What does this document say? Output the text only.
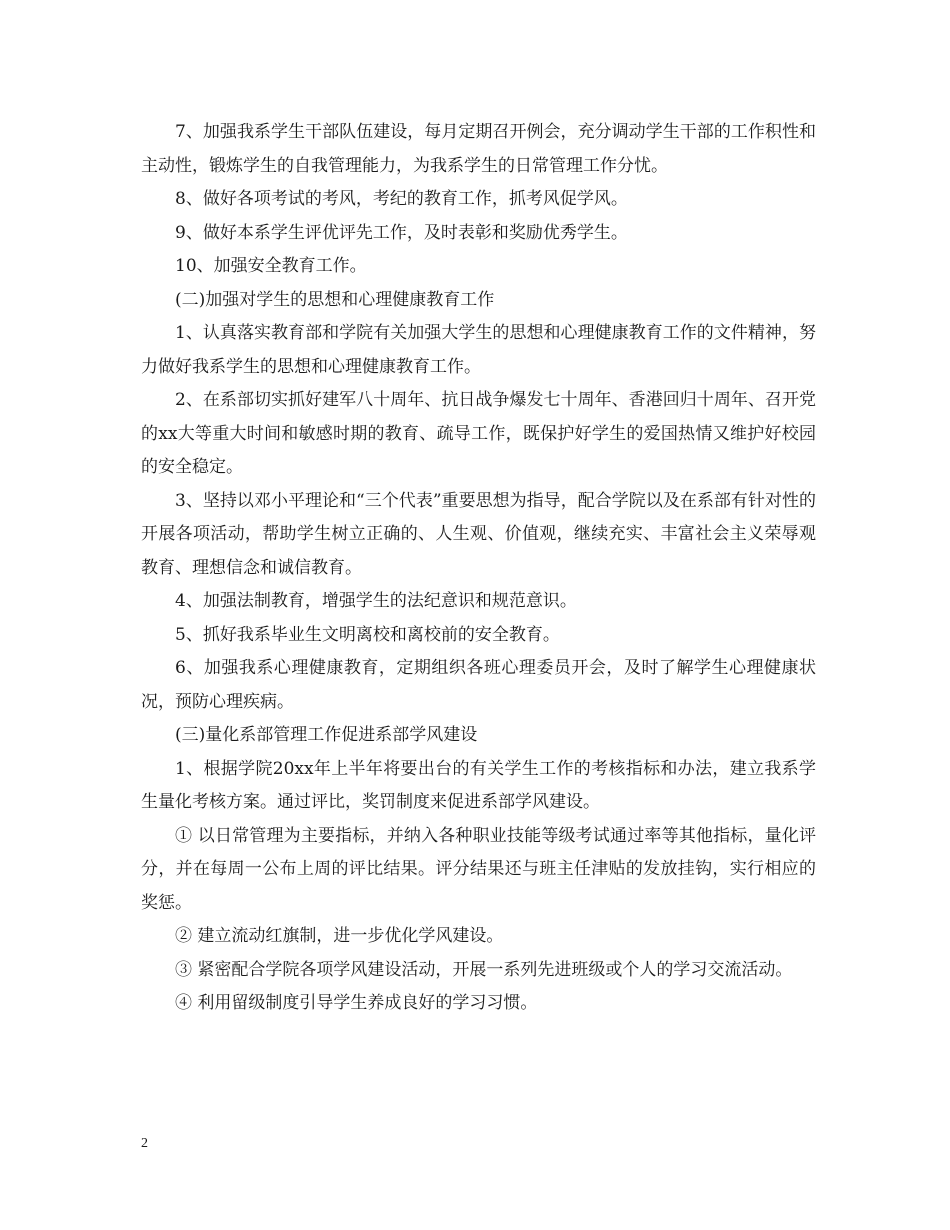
7、加强我系学生干部队伍建设，每月定期召开例会，充分调动学生干部的工作积性和主动性，锻炼学生的自我管理能力，为我系学生的日常管理工作分忧。

8、做好各项考试的考风，考纪的教育工作，抓考风促学风。

9、做好本系学生评优评先工作，及时表彰和奖励优秀学生。

10、加强安全教育工作。

(二)加强对学生的思想和心理健康教育工作

1、认真落实教育部和学院有关加强大学生的思想和心理健康教育工作的文件精神，努力做好我系学生的思想和心理健康教育工作。

2、在系部切实抓好建军八十周年、抗日战争爆发七十周年、香港回归十周年、召开党的xx大等重大时间和敏感时期的教育、疏导工作，既保护好学生的爱国热情又维护好校园的安全稳定。

3、坚持以邓小平理论和“三个代表”重要思想为指导，配合学院以及在系部有针对性的开展各项活动，帮助学生树立正确的、人生观、价值观，继续充实、丰富社会主义荣辱观教育、理想信念和诚信教育。

4、加强法制教育，增强学生的法纪意识和规范意识。

5、抓好我系毕业生文明离校和离校前的安全教育。

6、加强我系心理健康教育，定期组织各班心理委员开会，及时了解学生心理健康状况，预防心理疾病。

(三)量化系部管理工作促进系部学风建设

1、根据学院20xx年上半年将要出台的有关学生工作的考核指标和办法，建立我系学生量化考核方案。通过评比，奖罚制度来促进系部学风建设。

① 以日常管理为主要指标，并纳入各种职业技能等级考试通过率等其他指标，量化评分，并在每周一公布上周的评比结果。评分结果还与班主任津贴的发放挂钩，实行相应的奖惩。

② 建立流动红旗制，进一步优化学风建设。

③ 紧密配合学院各项学风建设活动，开展一系列先进班级或个人的学习交流活动。

④ 利用留级制度引导学生养成良好的学习习惯。

2
